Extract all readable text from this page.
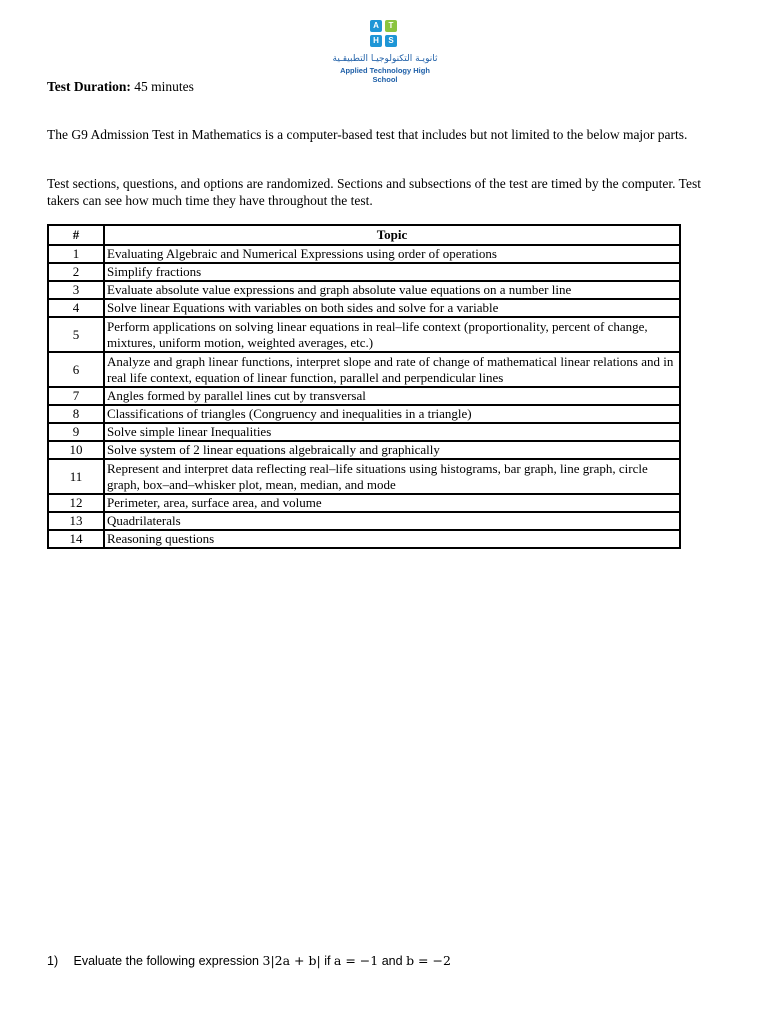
A	T
H	S
ثانويـة التكنولوجيـا التطبيقـية
Applied Technology High School
Test Duration: 45 minutes
The G9 Admission Test in Mathematics is a computer-based test that includes but not limited to the below major parts.
Test sections, questions, and options are randomized. Sections and subsections of the test are timed by the computer. Test takers can see how much time they have throughout the test.
#	Topic
1	Evaluating Algebraic and Numerical Expressions using order of operations
2	Simplify fractions
3	Evaluate absolute value expressions and graph absolute value equations on a number line
4	Solve linear Equations with variables on both sides and solve for a variable
5	Perform applications on solving linear equations in real–life context (proportionality, percent of change, mixtures, uniform motion, weighted averages, etc.)
6	Analyze and graph linear functions, interpret slope and rate of change of mathematical linear relations and in real life context, equation of linear function, parallel and perpendicular lines
7	Angles formed by parallel lines cut by transversal
8	Classifications of triangles (Congruency and inequalities in a triangle)
9	Solve simple linear Inequalities
10	Solve system of 2 linear equations algebraically and graphically
11	Represent and interpret data reflecting real–life situations using histograms, bar graph, line graph, circle graph, box–and–whisker plot, mean, median, and mode
12	Perimeter, area, surface area, and volume
13	Quadrilaterals
14	Reasoning questions
1) Evaluate the following expression 3|2a + b| if a = −1 and b = −2
